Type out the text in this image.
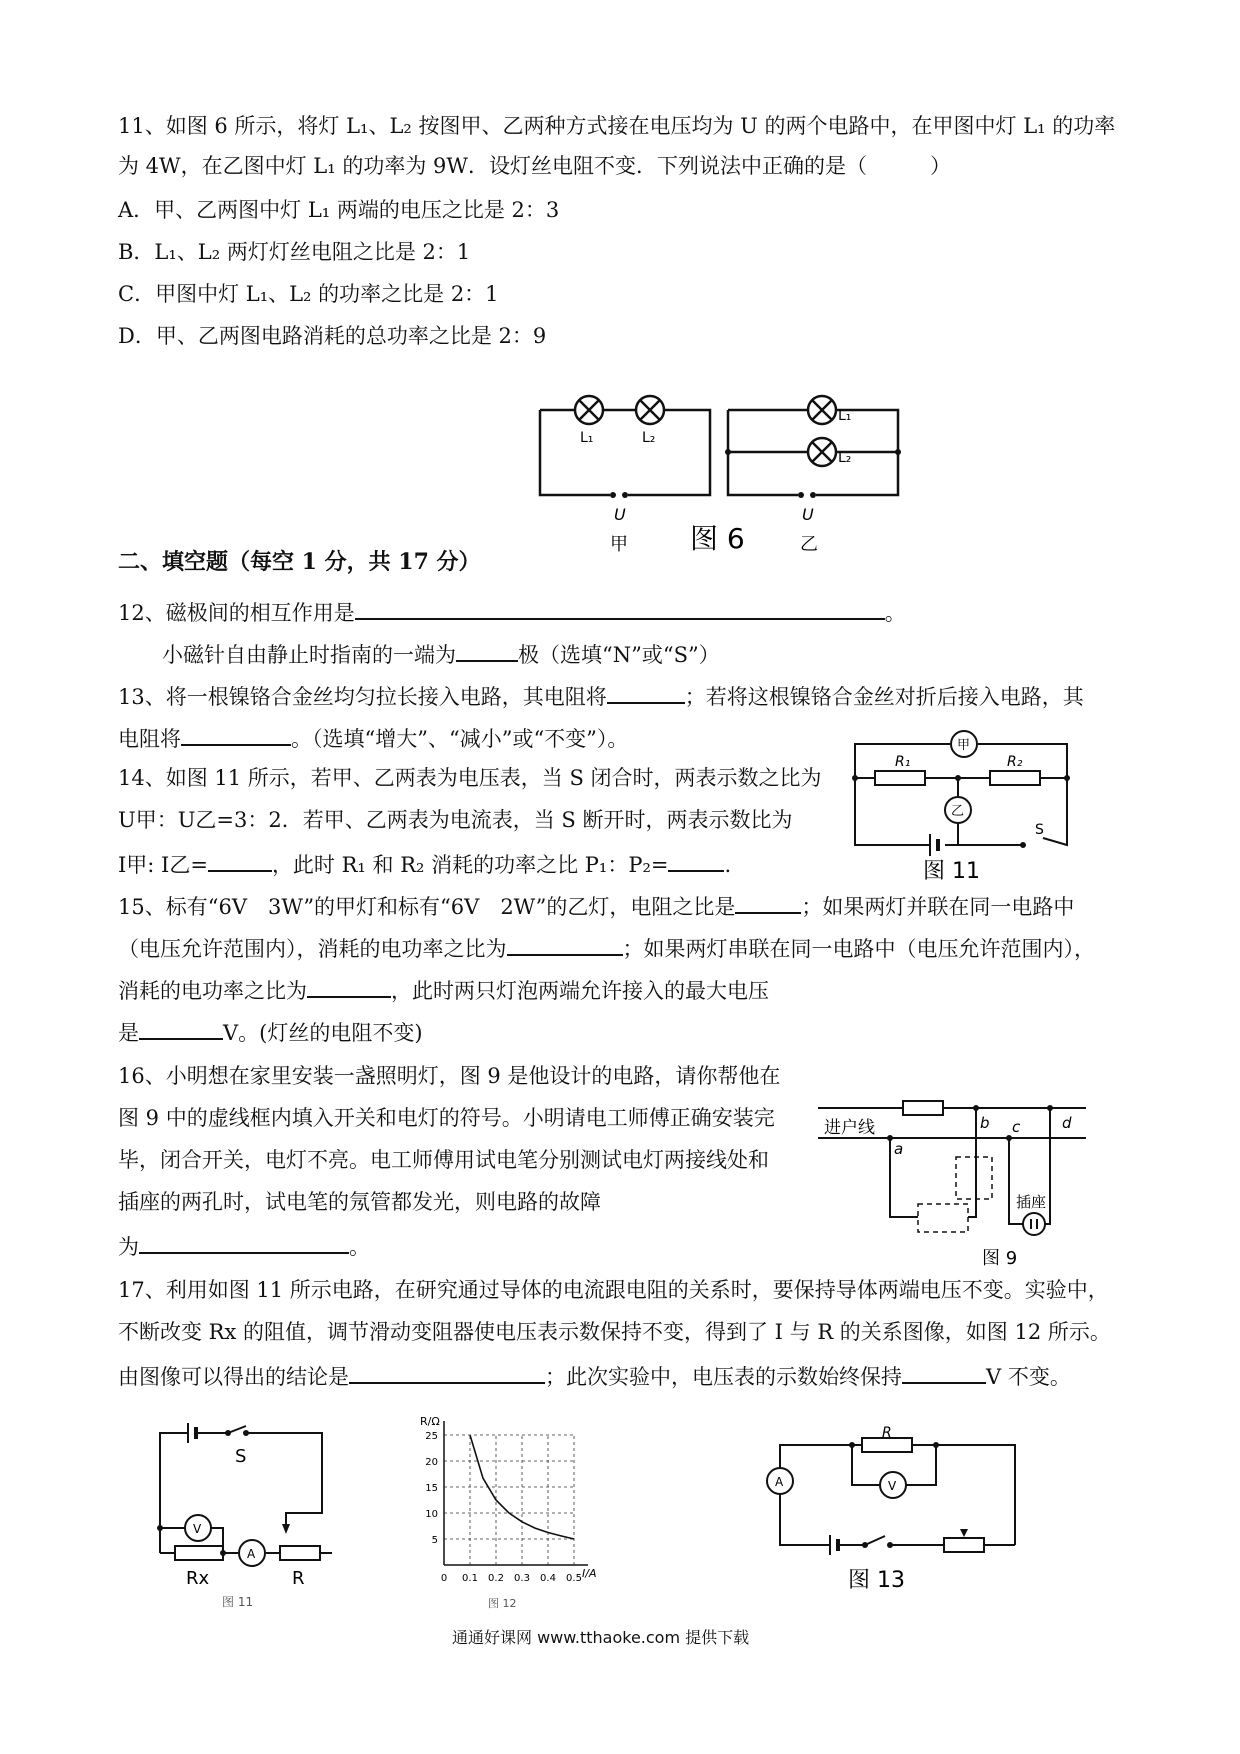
11、如图 6 所示，将灯 L₁、L₂ 按图甲、乙两种方式接在电压均为 U 的两个电路中，在甲图中灯 L₁ 的功率
为 4W，在乙图中灯 L₁ 的功率为 9W．设灯丝电阻不变．下列说法中正确的是（　　　）
A．甲、乙两图中灯 L₁ 两端的电压之比是 2：3
B．L₁、L₂ 两灯灯丝电阻之比是 2：1
C．甲图中灯 L₁、L₂ 的功率之比是 2：1
D．甲、乙两图电路消耗的总功率之比是 2：9
L₁	L₂
L₁
L₂
U	U
甲	乙
图 6
二、填空题（每空 1 分，共 17 分）
12、磁极间的相互作用是	。
小磁针自由静止时指南的一端为	极（选填“N”或“S”）
13、将一根镍铬合金丝均匀拉长接入电路，其电阻将	；若将这根镍铬合金丝对折后接入电路，其
电阻将	。（选填“增大”、“减小”或“不变”）。
14、如图 11 所示，若甲、乙两表为电压表，当 S 闭合时，两表示数之比为
U甲：U乙=3：2．若甲、乙两表为电流表，当 S 断开时，两表示数比为
I甲: I乙=	，此时 R₁ 和 R₂ 消耗的功率之比 P₁：P₂=	.
甲
乙
R₁	R₂
S
图 11
15、标有“6V　3W”的甲灯和标有“6V　2W”的乙灯，电阻之比是	；如果两灯并联在同一电路中
（电压允许范围内），消耗的电功率之比为	；如果两灯串联在同一电路中（电压允许范围内），
消耗的电功率之比为	，此时两只灯泡两端允许接入的最大电压
是	V。(灯丝的电阻不变)
16、小明想在家里安装一盏照明灯，图 9 是他设计的电路，请你帮他在
图 9 中的虚线框内填入开关和电灯的符号。小明请电工师傅正确安装完
毕，闭合开关，电灯不亮。电工师傅用试电笔分别测试电灯两接线处和
插座的两孔时，试电笔的氖管都发光，则电路的故障
为	。
进户线
a
b c	d
插座
图 9
17、利用如图 11 所示电路，在研究通过导体的电流跟电阻的关系时，要保持导体两端电压不变。实验中，
不断改变 Rx 的阻值，调节滑动变阻器使电压表示数保持不变，得到了 I 与 R 的关系图像，如图 12 所示。
由图像可以得出的结论是	；此次实验中，电压表的示数始终保持	V 不变。
S
V
A
Rx	R
图 11
0 0.1 0.2 0.3 0.4 0.5
5
10
15
20
25
R/Ω
I/A
图 12
R
V
A
图 13
通通好课网 www.tthaoke.com 提供下载
